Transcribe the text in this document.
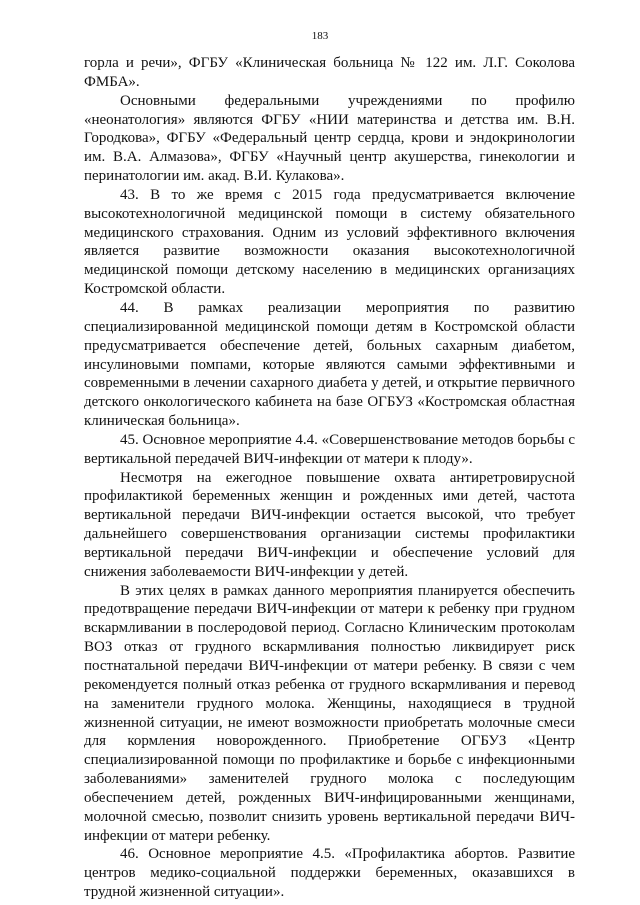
183

горла и речи», ФГБУ «Клиническая больница № 122 им. Л.Г. Соколова ФМБА».

Основными федеральными учреждениями по профилю «неонатология» являются ФГБУ «НИИ материнства и детства им. В.Н. Городкова», ФГБУ «Федеральный центр сердца, крови и эндокринологии им. В.А. Алмазова», ФГБУ «Научный центр акушерства, гинекологии и перинатологии им. акад. В.И. Кулакова».

43. В то же время с 2015 года предусматривается включение высокотехнологичной медицинской помощи в систему обязательного медицинского страхования. Одним из условий эффективного включения является развитие возможности оказания высокотехнологичной медицинской помощи детскому населению в медицинских организациях Костромской области.

44. В рамках реализации мероприятия по развитию специализированной медицинской помощи детям в Костромской области предусматривается обеспечение детей, больных сахарным диабетом, инсулиновыми помпами, которые являются самыми эффективными и современными в лечении сахарного диабета у детей, и открытие первичного детского онкологического кабинета на базе ОГБУЗ «Костромская областная клиническая больница».

45. Основное мероприятие 4.4. «Совершенствование методов борьбы с вертикальной передачей ВИЧ-инфекции от матери к плоду».

Несмотря на ежегодное повышение охвата антиретровирусной профилактикой беременных женщин и рожденных ими детей, частота вертикальной передачи ВИЧ-инфекции остается высокой, что требует дальнейшего совершенствования организации системы профилактики вертикальной передачи ВИЧ-инфекции и обеспечение условий для снижения заболеваемости ВИЧ-инфекции у детей.

В этих целях в рамках данного мероприятия планируется обеспечить предотвращение передачи ВИЧ-инфекции от матери к ребенку при грудном вскармливании в послеродовой период. Согласно Клиническим протоколам ВОЗ отказ от грудного вскармливания полностью ликвидирует риск постнатальной передачи ВИЧ-инфекции от матери ребенку. В связи с чем рекомендуется полный отказ ребенка от грудного вскармливания и перевод на заменители грудного молока. Женщины, находящиеся в трудной жизненной ситуации, не имеют возможности приобретать молочные смеси для кормления новорожденного. Приобретение ОГБУЗ «Центр специализированной помощи по профилактике и борьбе с инфекционными заболеваниями» заменителей грудного молока с последующим обеспечением детей, рожденных ВИЧ-инфицированными женщинами, молочной смесью, позволит снизить уровень вертикальной передачи ВИЧ-инфекции от матери ребенку.

46. Основное мероприятие 4.5. «Профилактика абортов. Развитие центров медико-социальной поддержки беременных, оказавшихся в трудной жизненной ситуации».
